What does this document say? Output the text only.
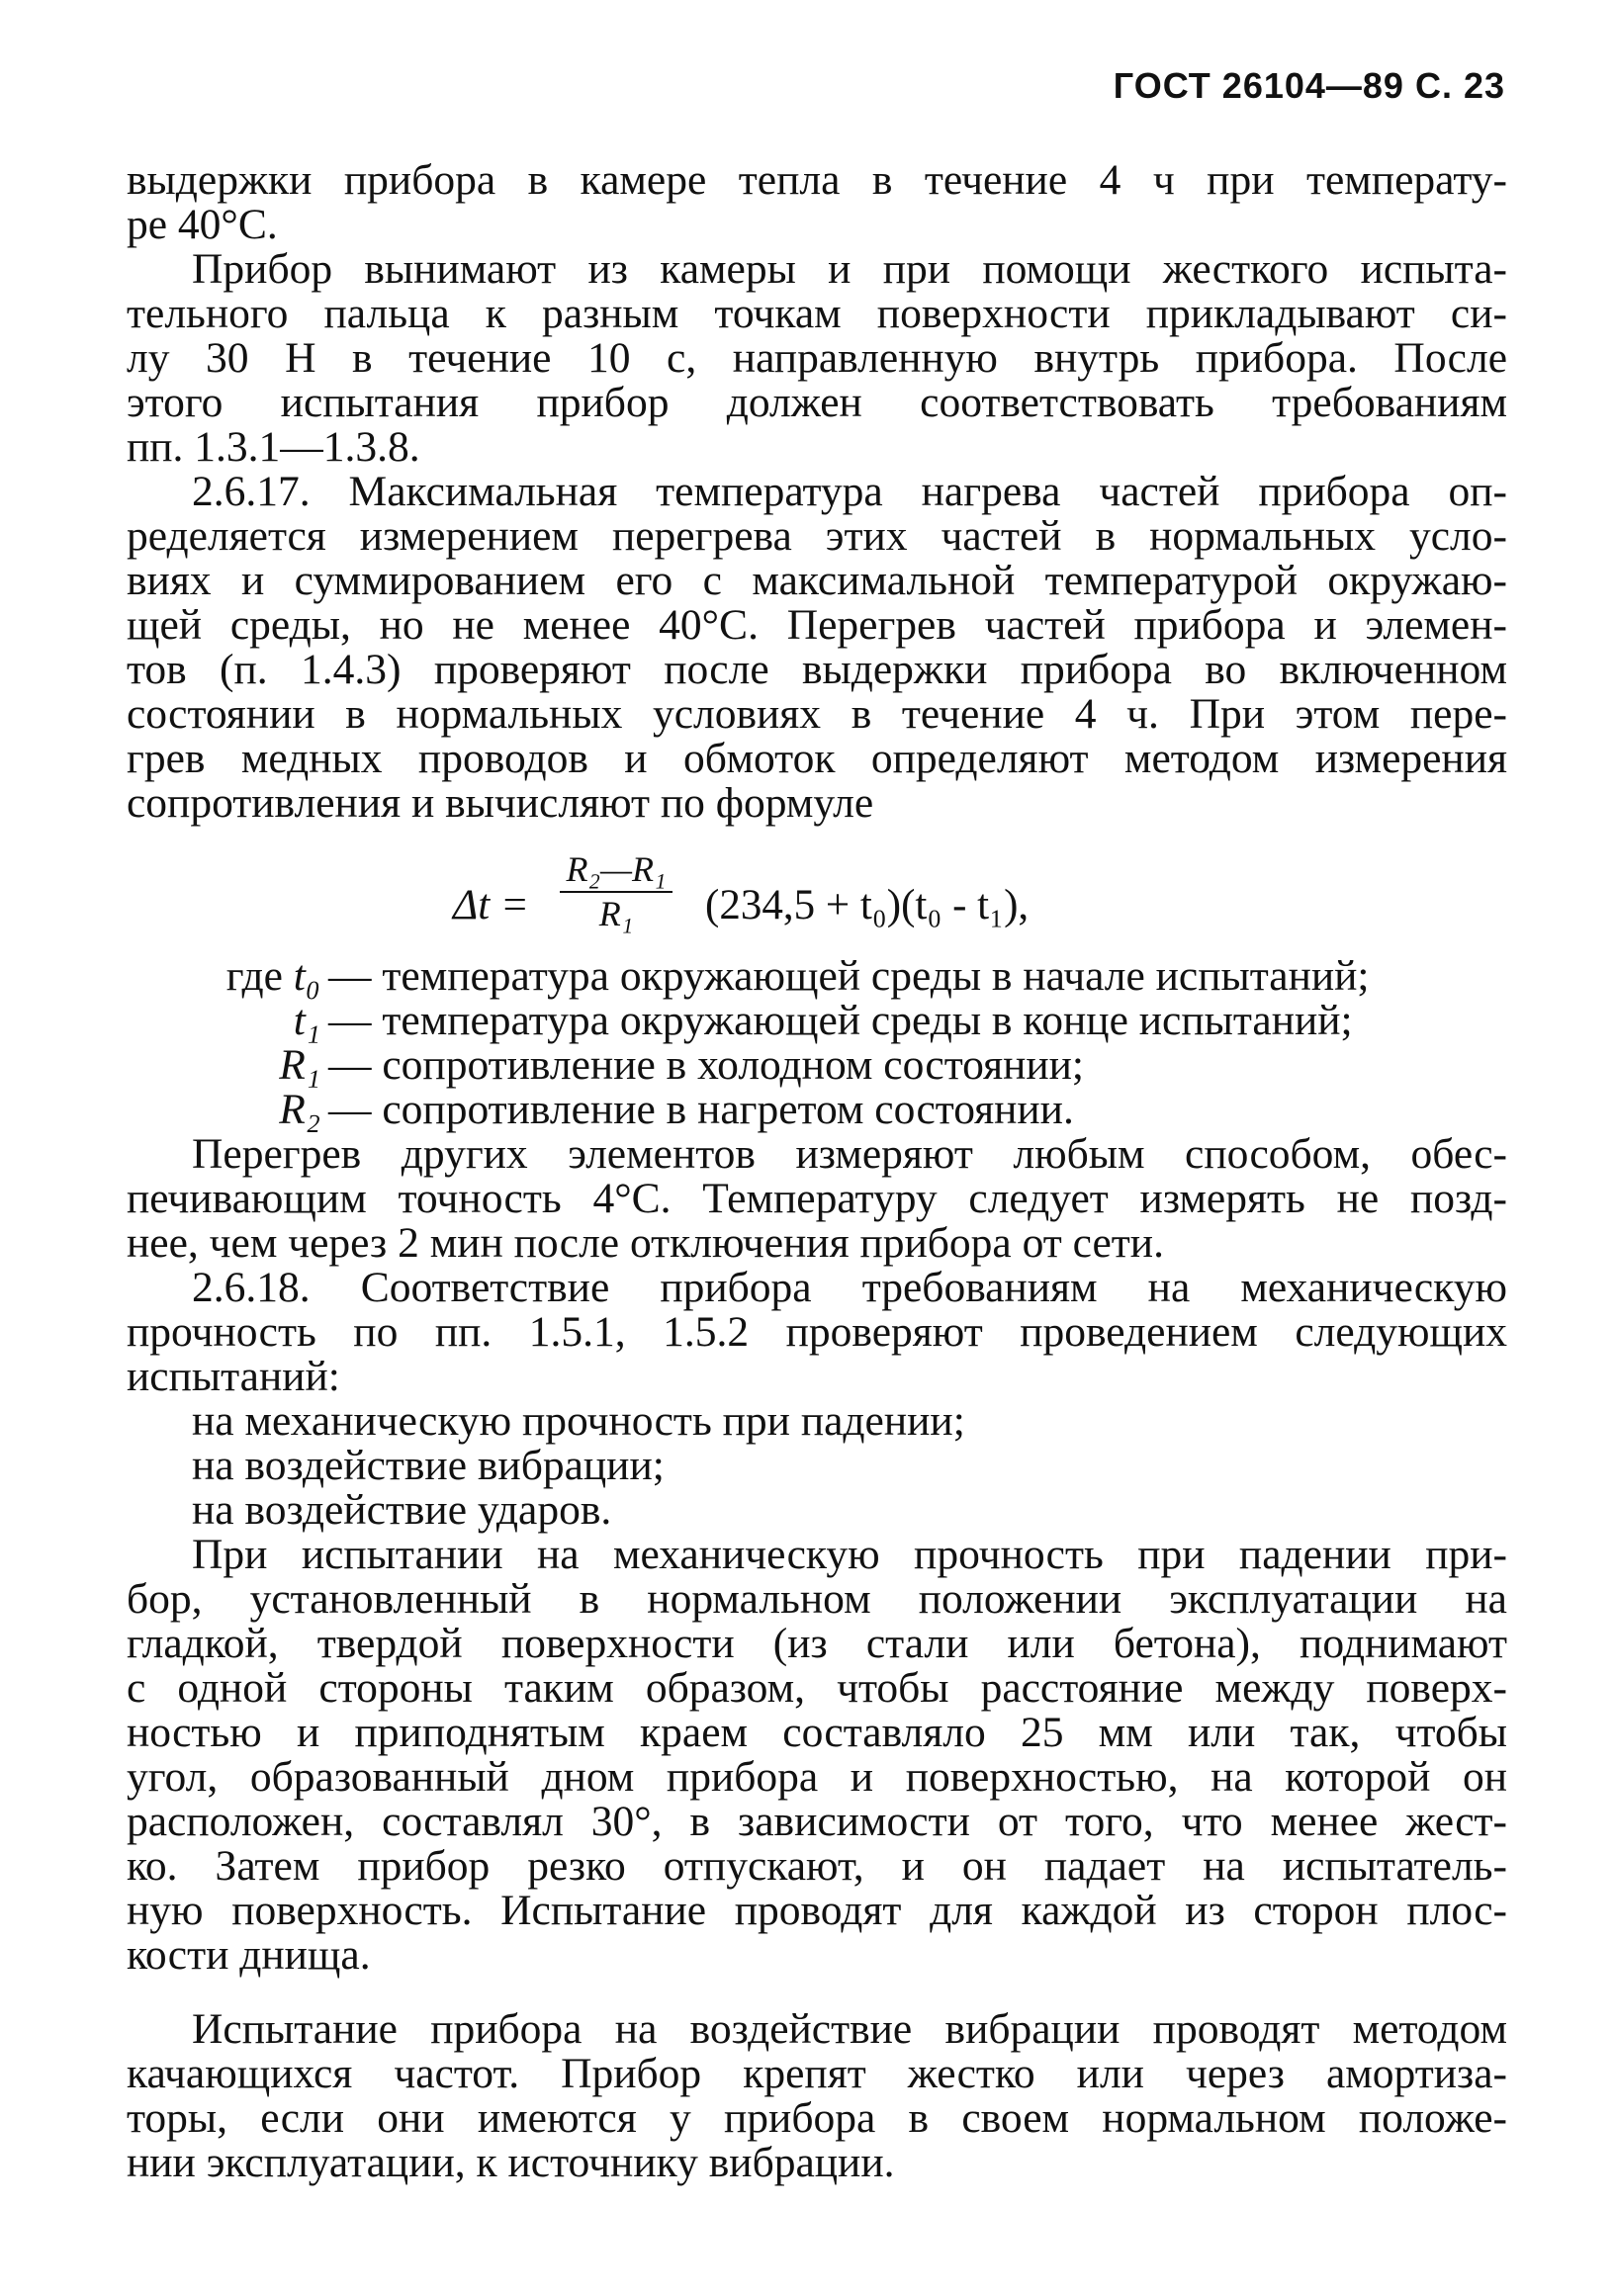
ГОСТ 26104—89 С. 23
выдержки прибора в камере тепла в течение 4 ч при температу-
ре 40°C.
Прибор вынимают из камеры и при помощи жесткого испыта-
тельного пальца к разным точкам поверхности прикладывают си-
лу 30 Н в течение 10 с, направленную внутрь прибора. После
этого испытания прибор должен соответствовать требованиям
пп. 1.3.1—1.3.8.
2.6.17. Максимальная температура нагрева частей прибора оп-
ределяется измерением перегрева этих частей в нормальных усло-
виях и суммированием его с максимальной температурой окружаю-
щей среды, но не менее 40°C. Перегрев частей прибора и элемен-
тов (п. 1.4.3) проверяют после выдержки прибора во включенном
состоянии в нормальных условиях в течение 4 ч. При этом пере-
грев медных проводов и обмоток определяют методом измерения
сопротивления и вычисляют по формуле
$\Delta t = \frac{\text{R₂—R₁}}{\text{R₁}} (234,5 + t_0)(t_0 - t_1)$,
где t₀ — температура окружающей среды в начале испытаний;
t₁ — температура окружающей среды в конце испытаний;
R₁ — сопротивление в холодном состоянии;
R₂ — сопротивление в нагретом состоянии.
Перегрев других элементов измеряют любым способом, обес-
печивающим точность 4°C. Температуру следует измерять не позд-
нее, чем через 2 мин после отключения прибора от сети.
2.6.18. Соответствие прибора требованиям на механическую
прочность по пп. 1.5.1, 1.5.2 проверяют проведением следующих
испытаний:
на механическую прочность при падении;
на воздействие вибрации;
на воздействие ударов.
При испытании на механическую прочность при падении при-
бор, установленный в нормальном положении эксплуатации на
гладкой, твердой поверхности (из стали или бетона), поднимают
с одной стороны таким образом, чтобы расстояние между поверх-
ностью и приподнятым краем составляло 25 мм или так, чтобы
угол, образованный дном прибора и поверхностью, на которой он
расположен, составлял 30°, в зависимости от того, что менее жест-
ко. Затем прибор резко отпускают, и он падает на испытатель-
ную поверхность. Испытание проводят для каждой из сторон плос-
кости днища.
Испытание прибора на воздействие вибрации проводят методом
качающихся частот. Прибор крепят жестко или через амортиза-
торы, если они имеются у прибора в своем нормальном положе-
нии эксплуатации, к источнику вибрации.
